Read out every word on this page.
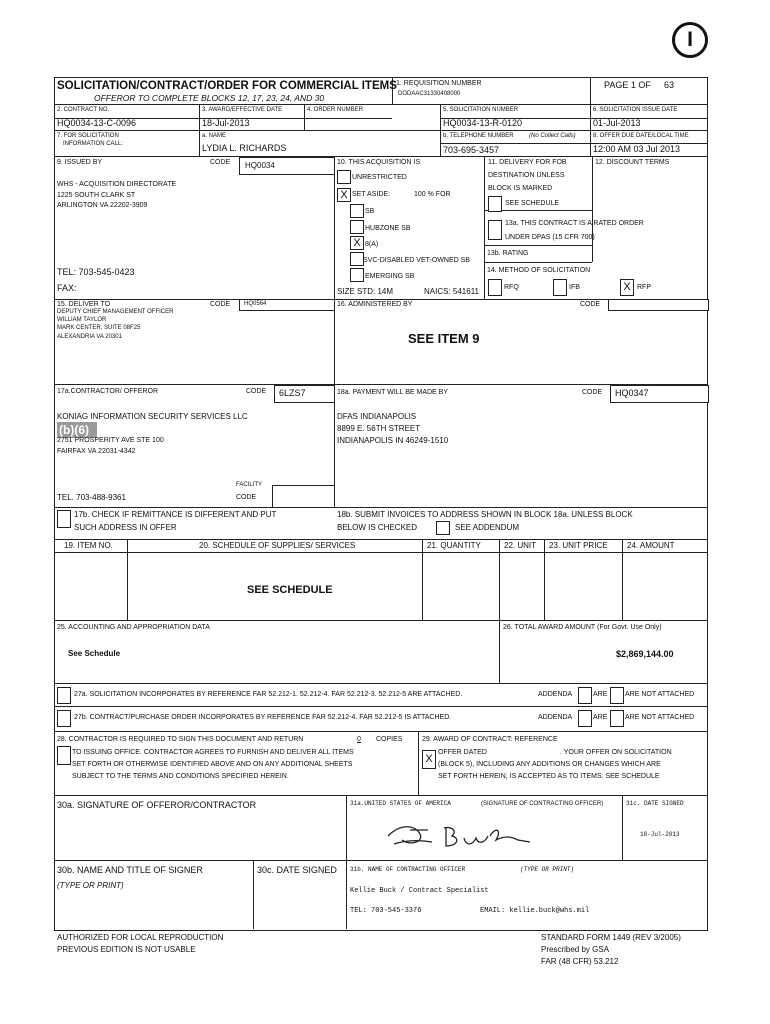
I
SOLICITATION/CONTRACT/ORDER FOR COMMERCIAL ITEMS
OFFEROR TO COMPLETE BLOCKS 12, 17, 23, 24, AND 30
1. REQUISITION NUMBER
DODAAC31330408000
PAGE 1 OF 63
2. CONTRACT NO.
HQ0034-13-C-0096
3. AWARD/EFFECTIVE DATE
18-Jul-2013
4. ORDER NUMBER	5. SOLICITATION NUMBER
HQ0034-13-R-0120
6. SOLICITATION ISSUE DATE
01-Jul-2013
7. FOR SOLICITATION
INFORMATION CALL:
a. NAME
LYDIA L. RICHARDS
b. TELEPHONE NUMBER	(No Collect Calls)
703-695-3457
8. OFFER DUE DATE/LOCAL TIME
12:00 AM 03 Jul 2013
9. ISSUED BY	CODE HQ0034
WHS - ACQUISITION DIRECTORATE
1225 SOUTH CLARK ST
ARLINGTON VA 22202-3909
TEL: 703-545-0423
FAX:
10. THIS ACQUISITION IS
UNRESTRICTED
X SET ASIDE:	100 % FOR
SB
HUBZONE SB
X 8(A)
SVC-DISABLED VET-OWNED SB
EMERGING SB
SIZE STD: 14M	NAICS: 541611
11. DELIVERY FOR FOB
DESTINATION UNLESS
BLOCK IS MARKED
SEE SCHEDULE
12. DISCOUNT TERMS
13a. THIS CONTRACT IS A RATED ORDER
UNDER DPAS (15 CFR 700)
13b. RATING
14. METHOD OF SOLICITATION
RFQ	IFB	X RFP
15. DELIVER TO	CODE HQ0564
DEPUTY CHIEF MANAGEMENT OFFICER
WILLIAM TAYLOR
MARK CENTER, SUITE 08F25
ALEXANDRIA VA 20301
16. ADMINISTERED BY	CODE
SEE ITEM 9
17a.CONTRACTOR/ OFFEROR	CODE 6LZS7
KONIAG INFORMATION SECURITY SERVICES LLC
(b)(6)
2751 PROSPERITY AVE STE 100
FAIRFAX VA 22031-4342
FACILITY
CODE
TEL. 703-488-9361
18a. PAYMENT WILL BE MADE BY	CODE HQ0347
DFAS INDIANAPOLIS
8899 E. 56TH STREET
INDIANAPOLIS IN 46249-1510
17b. CHECK IF REMITTANCE IS DIFFERENT AND PUT
SUCH ADDRESS IN OFFER
18b. SUBMIT INVOICES TO ADDRESS SHOWN IN BLOCK 18a. UNLESS BLOCK
BELOW IS CHECKED	SEE ADDENDUM
19. ITEM NO.	20. SCHEDULE OF SUPPLIES/ SERVICES	21. QUANTITY	22. UNIT 23. UNIT PRICE 24. AMOUNT
SEE SCHEDULE
25. ACCOUNTING AND APPROPRIATION DATA
See Schedule
26. TOTAL AWARD AMOUNT (For Govt. Use Only)
$2,869,144.00
27a. SOLICITATION INCORPORATES BY REFERENCE FAR 52.212-1. 52.212-4. FAR 52.212-3. 52.212-5 ARE ATTACHED.	ADDENDA	ARE	ARE NOT ATTACHED
27b. CONTRACT/PURCHASE ORDER INCORPORATES BY REFERENCE FAR 52.212-4. FAR 52.212-5 IS ATTACHED.	ADDENDA	ARE	ARE NOT ATTACHED
28. CONTRACTOR IS REQUIRED TO SIGN THIS DOCUMENT AND RETURN	0 COPIES
TO ISSUING OFFICE. CONTRACTOR AGREES TO FURNISH AND DELIVER ALL ITEMS
SET FORTH OR OTHERWISE IDENTIFIED ABOVE AND ON ANY ADDITIONAL SHEETS
SUBJECT TO THE TERMS AND CONDITIONS SPECIFIED HEREIN.
29. AWARD OF CONTRACT: REFERENCE
X
OFFER DATED	. YOUR OFFER ON SOLICITATION
(BLOCK 5), INCLUDING ANY ADDITIONS OR CHANGES WHICH ARE
SET FORTH HEREIN, IS ACCEPTED AS TO ITEMS: SEE SCHEDULE
30a. SIGNATURE OF OFFEROR/CONTRACTOR	31a.UNITED STATES OF AMERICA	(SIGNATURE OF CONTRACTING OFFICER)	31c. DATE SIGNED
18-Jul-2013
30b. NAME AND TITLE OF SIGNER
(TYPE OR PRINT)
30c. DATE SIGNED 31b. NAME OF CONTRACTING OFFICER	(TYPE OR PRINT)
Kellie Buck / Contract Specialist
TEL: 703-545-3376	EMAIL: kellie.buck@whs.mil
AUTHORIZED FOR LOCAL REPRODUCTION
PREVIOUS EDITION IS NOT USABLE
STANDARD FORM 1449 (REV 3/2005)
Prescribed by GSA
FAR (48 CFR) 53.212
